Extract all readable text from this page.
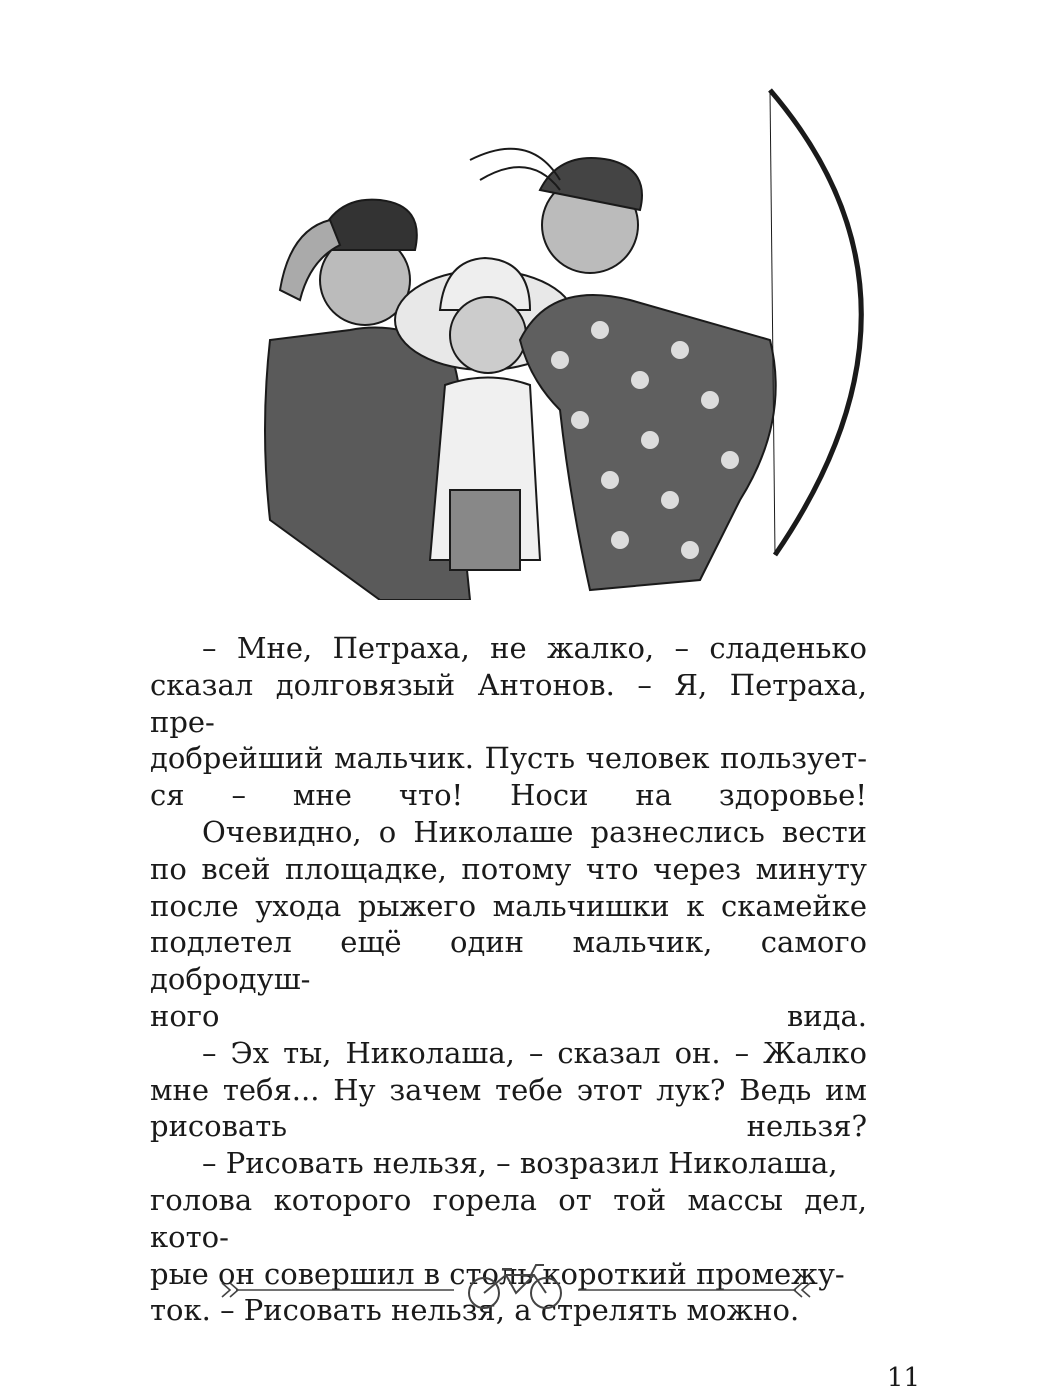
– Мне, Петраха, не жалко, – сладенько
сказал долговязый Антонов. – Я, Петраха, пре-
добрейший мальчик. Пусть человек пользует-
ся – мне что! Носи на здоровье!

Очевидно, о Николаше разнеслись вести
по всей площадке, потому что через минуту
после ухода рыжего мальчишки к скамейке
подлетел ещё один мальчик, самого добродуш-
ного вида.

– Эх ты, Николаша, – сказал он. – Жалко
мне тебя... Ну зачем тебе этот лук? Ведь им
рисовать нельзя?

– Рисовать нельзя, – возразил Николаша,
голова которого горела от той массы дел, кото-
рые он совершил в столь короткий промежу-
ток. – Рисовать нельзя, а стрелять можно.

11
